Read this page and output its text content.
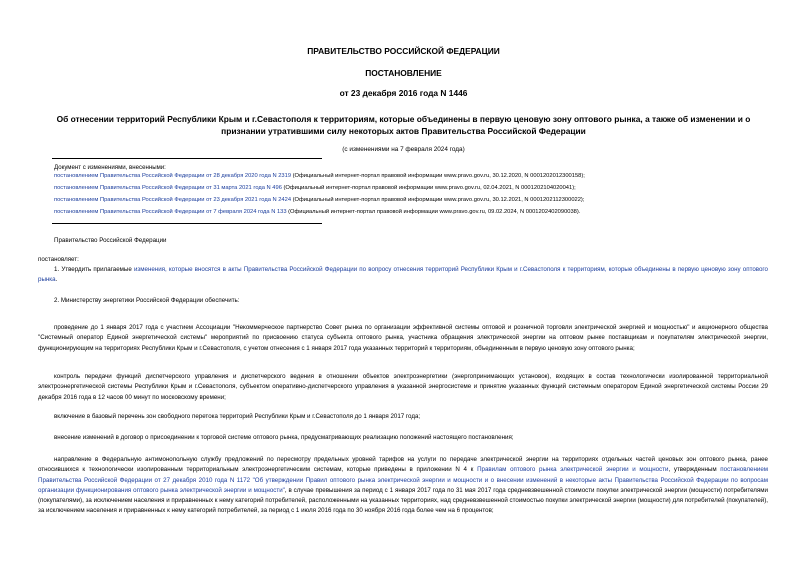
ПРАВИТЕЛЬСТВО РОССИЙСКОЙ ФЕДЕРАЦИИ
ПОСТАНОВЛЕНИЕ
от 23 декабря 2016 года N 1446
Об отнесении территорий Республики Крым и г.Севастополя к территориям, которые объединены в первую ценовую зону оптового рынка, а также об изменении и о признании утратившими силу некоторых актов Правительства Российской Федерации
(с изменениями на 7 февраля 2024 года)
Документ с изменениями, внесенными:
постановлением Правительства Российской Федерации от 28 декабря 2020 года N 2319 (Официальный интернет-портал правовой информации www.pravo.gov.ru, 30.12.2020, N 0001202012300158);
постановлением Правительства Российской Федерации от 31 марта 2021 года N 496 (Официальный интернет-портал правовой информации www.pravo.gov.ru, 02.04.2021, N 0001202104020041);
постановлением Правительства Российской Федерации от 23 декабря 2021 года N 2424 (Официальный интернет-портал правовой информации www.pravo.gov.ru, 30.12.2021, N 0001202112300022);
постановлением Правительства Российской Федерации от 7 февраля 2024 года N 133 (Официальный интернет-портал правовой информации www.pravo.gov.ru, 09.02.2024, N 0001202402090038).
Правительство Российской Федерации
постановляет:
1. Утвердить прилагаемые изменения, которые вносятся в акты Правительства Российской Федерации по вопросу отнесения территорий Республики Крым и г.Севастополя к территориям, которые объединены в первую ценовую зону оптового рынка.
2. Министерству энергетики Российской Федерации обеспечить:
проведение до 1 января 2017 года с участием Ассоциации "Некоммерческое партнерство Совет рынка по организации эффективной системы оптовой и розничной торговли электрической энергией и мощностью" и акционерного общества "Системный оператор Единой энергетической системы" мероприятий по присвоению статуса субъекта оптового рынка, участника обращения электрической энергии на оптовом рынке поставщикам и покупателям электрической энергии, функционирующим на территориях Республики Крым и г.Севастополя, с учетом отнесения с 1 января 2017 года указанных территорий к территориям, объединенным в первую ценовую зону оптового рынка;
контроль передачи функций диспетчерского управления и диспетчерского ведения в отношении объектов электроэнергетики (энергопринимающих установок), входящих в состав технологически изолированной территориальной электроэнергетической системы Республики Крым и г.Севастополя, субъектом оперативно-диспетчерского управления в указанной энергосистеме и принятие указанных функций системным оператором Единой энергетической системы России 29 декабря 2016 года в 12 часов 00 минут по московскому времени;
включение в базовый перечень зон свободного перетока территорий Республики Крым и г.Севастополя до 1 января 2017 года;
внесение изменений в договор о присоединении к торговой системе оптового рынка, предусматривающих реализацию положений настоящего постановления;
направление в Федеральную антимонопольную службу предложений по пересмотру предельных уровней тарифов на услуги по передаче электрической энергии на территориях отдельных частей ценовых зон оптового рынка, ранее относившихся к технологически изолированным территориальным электроэнергетическим системам, которые приведены в приложении N 4 к Правилам оптового рынка электрической энергии и мощности, утвержденным постановлением Правительства Российской Федерации от 27 декабря 2010 года N 1172 "Об утверждении Правил оптового рынка электрической энергии и мощности и о внесении изменений в некоторые акты Правительства Российской Федерации по вопросам организации функционирования оптового рынка электрической энергии и мощности", в случае превышения за период с 1 января 2017 года по 31 мая 2017 года средневзвешенной стоимости покупки электрической энергии (мощности) потребителями (покупателями), за исключением населения и приравненных к нему категорий потребителей, расположенными на указанных территориях, над средневзвешенной стоимостью покупки электрической энергии (мощности) для потребителей (покупателей), за исключением населения и приравненных к нему категорий потребителей, за период с 1 июля 2016 года по 30 ноября 2016 года более чем на 6 процентов;
